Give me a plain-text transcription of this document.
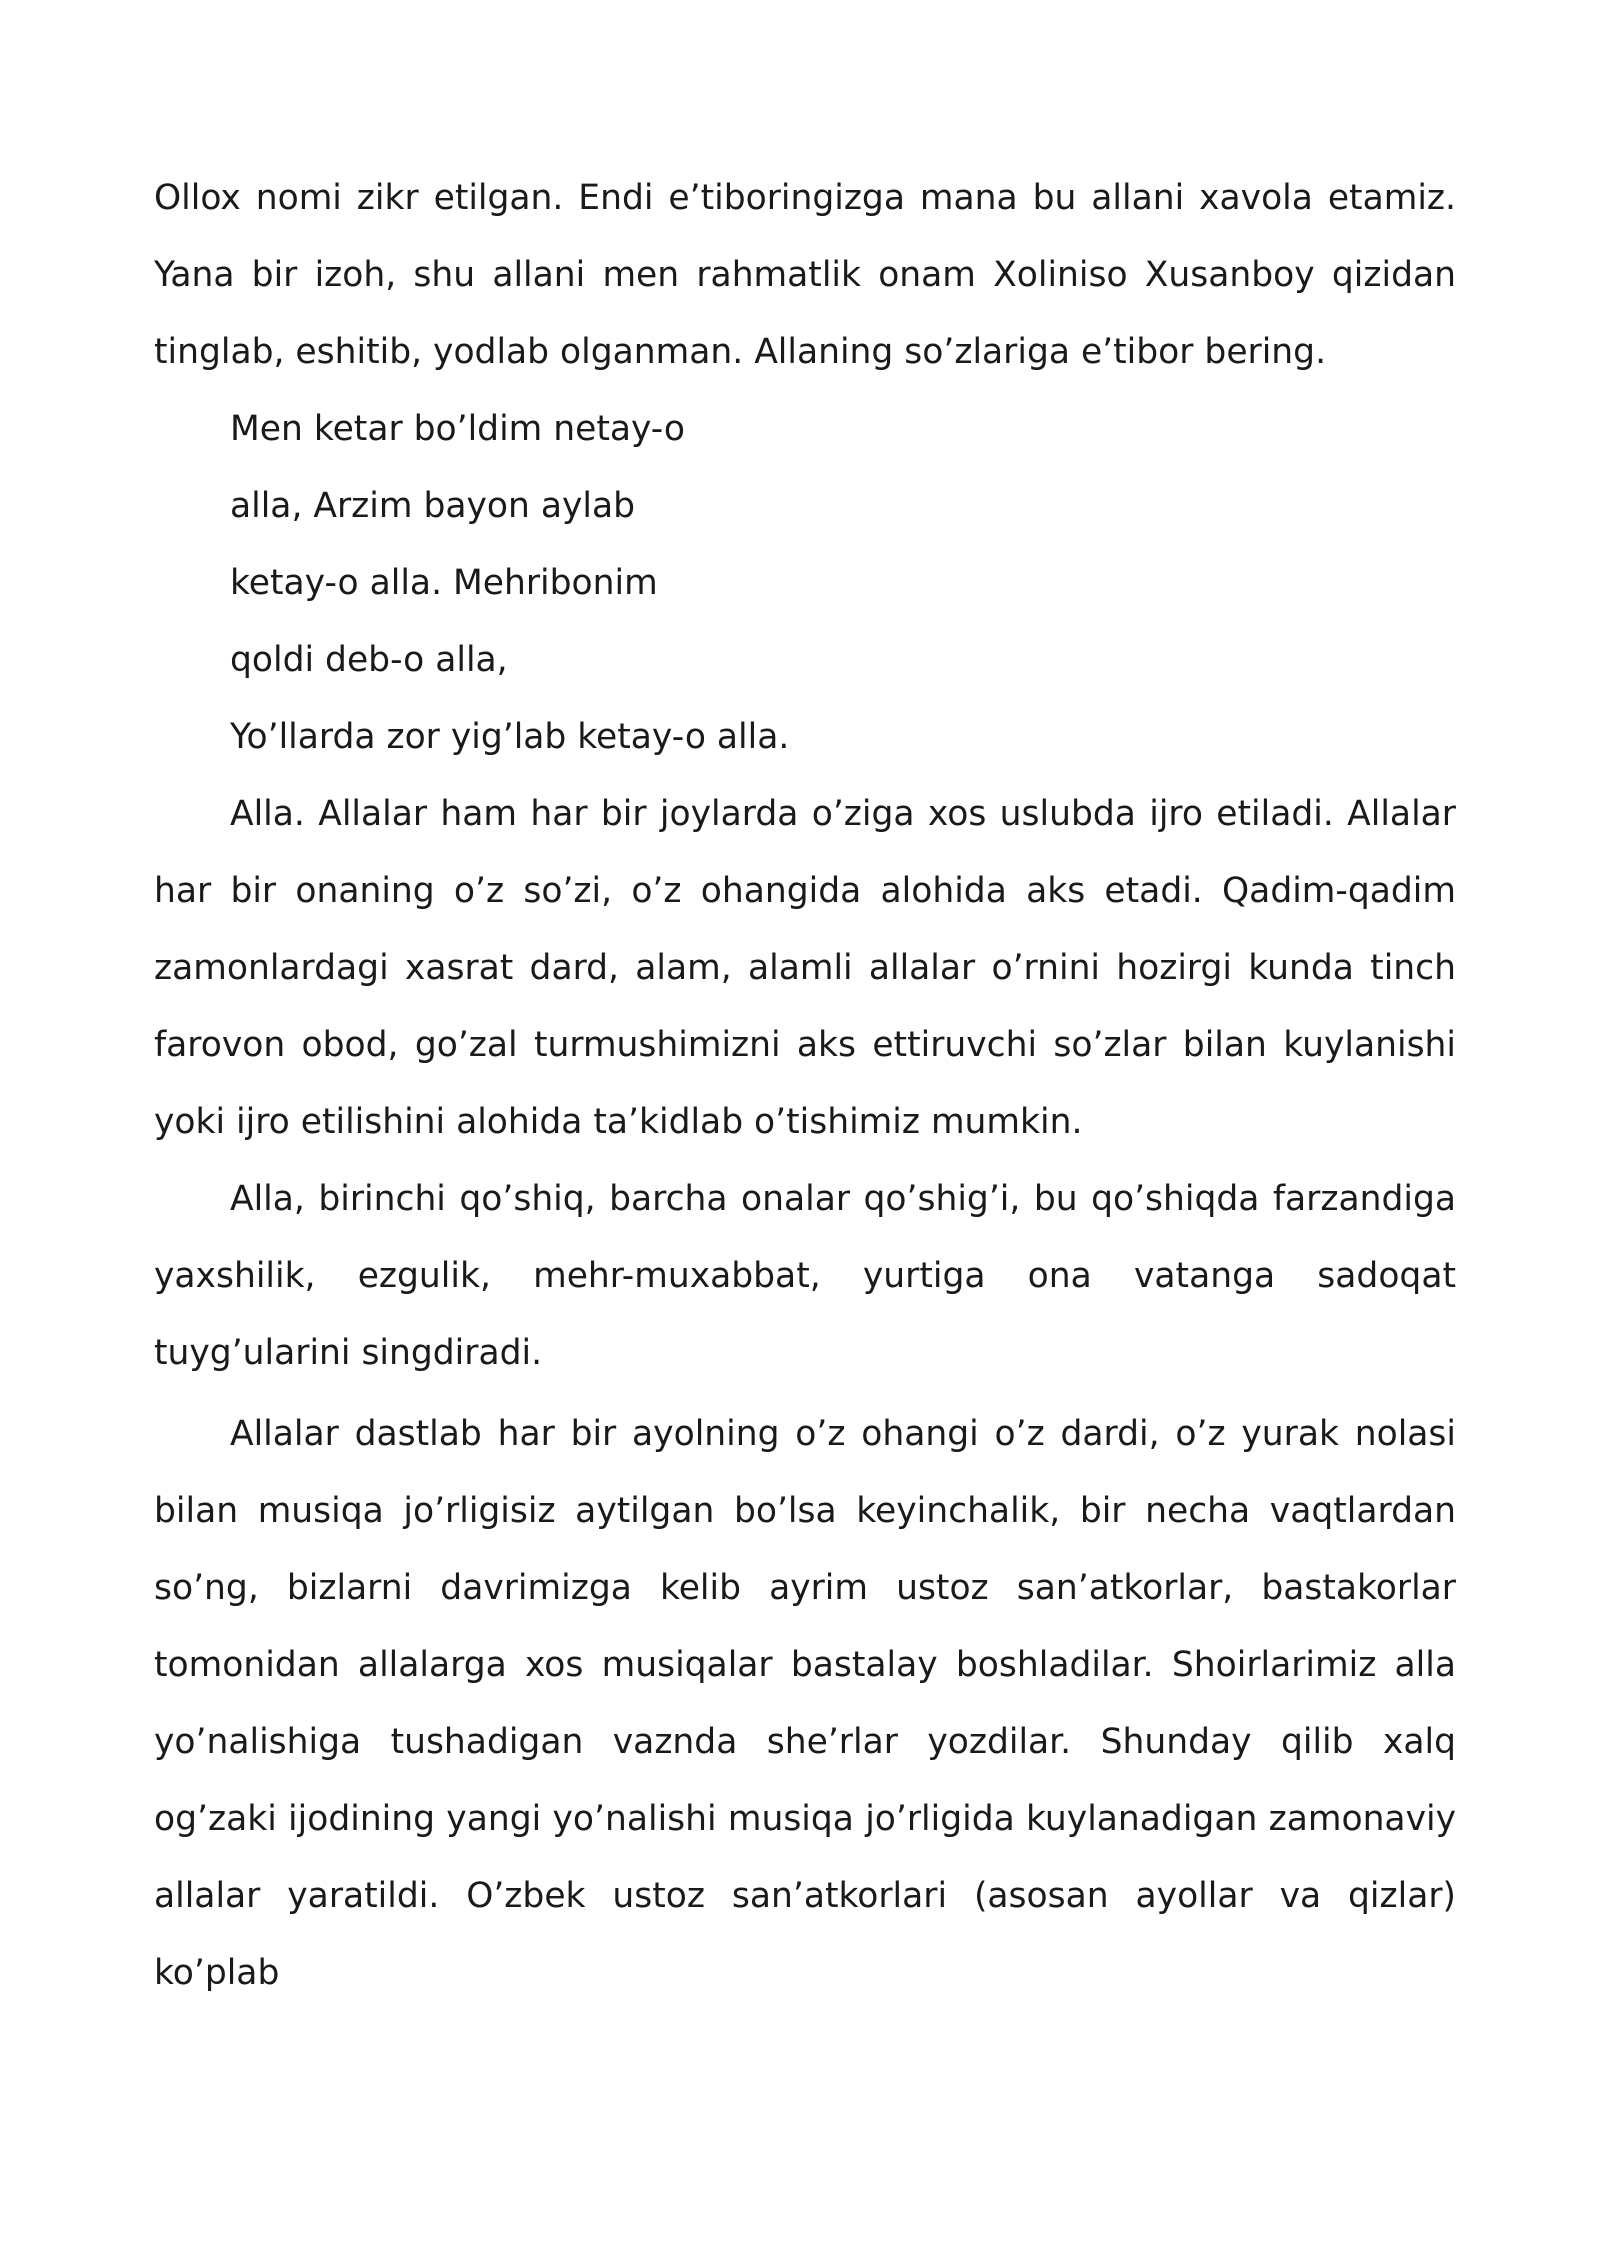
Ollox nomi zikr etilgan. Endi e’tiboringizga mana bu allani xavola etamiz. Yana bir izoh, shu allani men rahmatlik onam Xoliniso Xusanboy qizidan tinglab, eshitib, yodlab olganman. Allaning so’zlariga e’tibor bering.

Men ketar bo’ldim netay-o

alla, Arzim bayon aylab

ketay-o alla. Mehribonim

qoldi deb-o alla,

Yo’llarda zor yig’lab ketay-o alla.

Alla. Allalar ham har bir joylarda o’ziga xos uslubda ijro etiladi. Allalar har bir onaning o’z so’zi, o’z ohangida alohida aks etadi. Qadim-qadim zamonlardagi xasrat dard, alam, alamli allalar o’rnini hozirgi kunda tinch farovon obod, go’zal turmushimizni aks ettiruvchi so’zlar bilan kuylanishi yoki ijro etilishini alohida ta’kidlab o’tishimiz mumkin.

Alla, birinchi qo’shiq, barcha onalar qo’shig’i, bu qo’shiqda farzandiga yaxshilik, ezgulik, mehr-muxabbat, yurtiga ona vatanga sadoqat tuyg’ularini singdiradi.

Allalar dastlab har bir ayolning o’z ohangi o’z dardi, o’z yurak nolasi bilan musiqa jo’rligisiz aytilgan bo’lsa keyinchalik, bir necha vaqtlardan so’ng, bizlarni davrimizga kelib ayrim ustoz san’atkorlar, bastakorlar tomonidan allalarga xos musiqalar bastalay boshladilar. Shoirlarimiz alla yo’nalishiga tushadigan vaznda she’rlar yozdilar. Shunday qilib xalq og’zaki ijodining yangi yo’nalishi musiqa jo’rligida kuylanadigan zamonaviy allalar yaratildi. O’zbek ustoz san’atkorlari (asosan ayollar va qizlar) ko’plab
